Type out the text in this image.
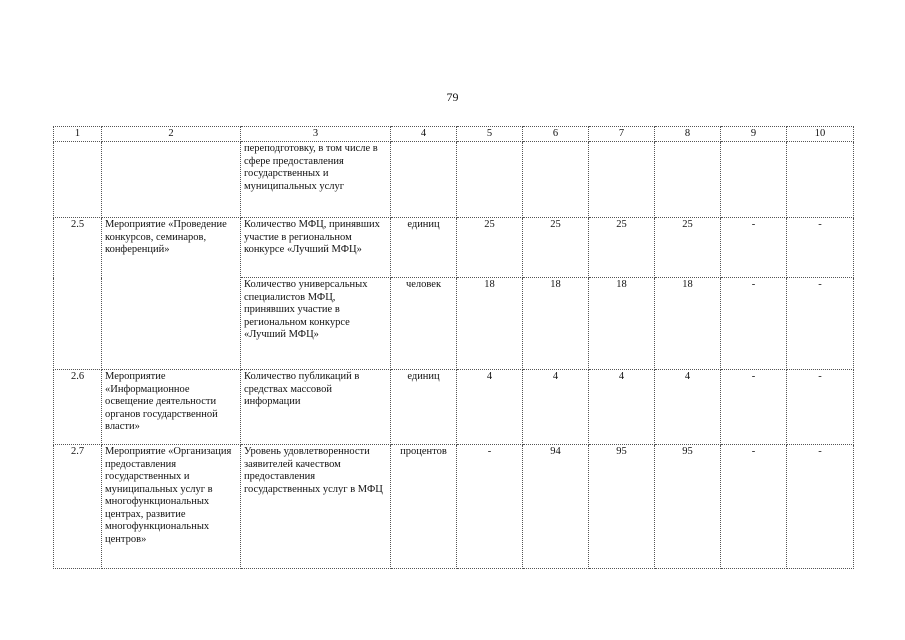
79
1	2	3	4	5	6	7	8	9	10
		переподготовку, в том числе в сфере предоставления государственных и муниципальных услуг							
2.5	Мероприятие «Проведение конкурсов, семинаров, конференций»	Количество МФЦ, принявших участие в региональном конкурсе «Лучший МФЦ»	единиц	25	25	25	25	-	-
		Количество универсальных специалистов МФЦ, принявших участие в региональном конкурсе «Лучший МФЦ»	человек	18	18	18	18	-	-
2.6	Мероприятие «Информационное освещение деятельности органов государственной власти»	Количество публикаций в средствах массовой информации	единиц	4	4	4	4	-	-
2.7	Мероприятие «Организация предоставления государственных и муниципальных услуг в многофункциональных центрах, развитие многофункциональных центров»	Уровень удовлетворенности заявителей качеством предоставления государственных услуг в МФЦ	процентов	-	94	95	95	-	-
